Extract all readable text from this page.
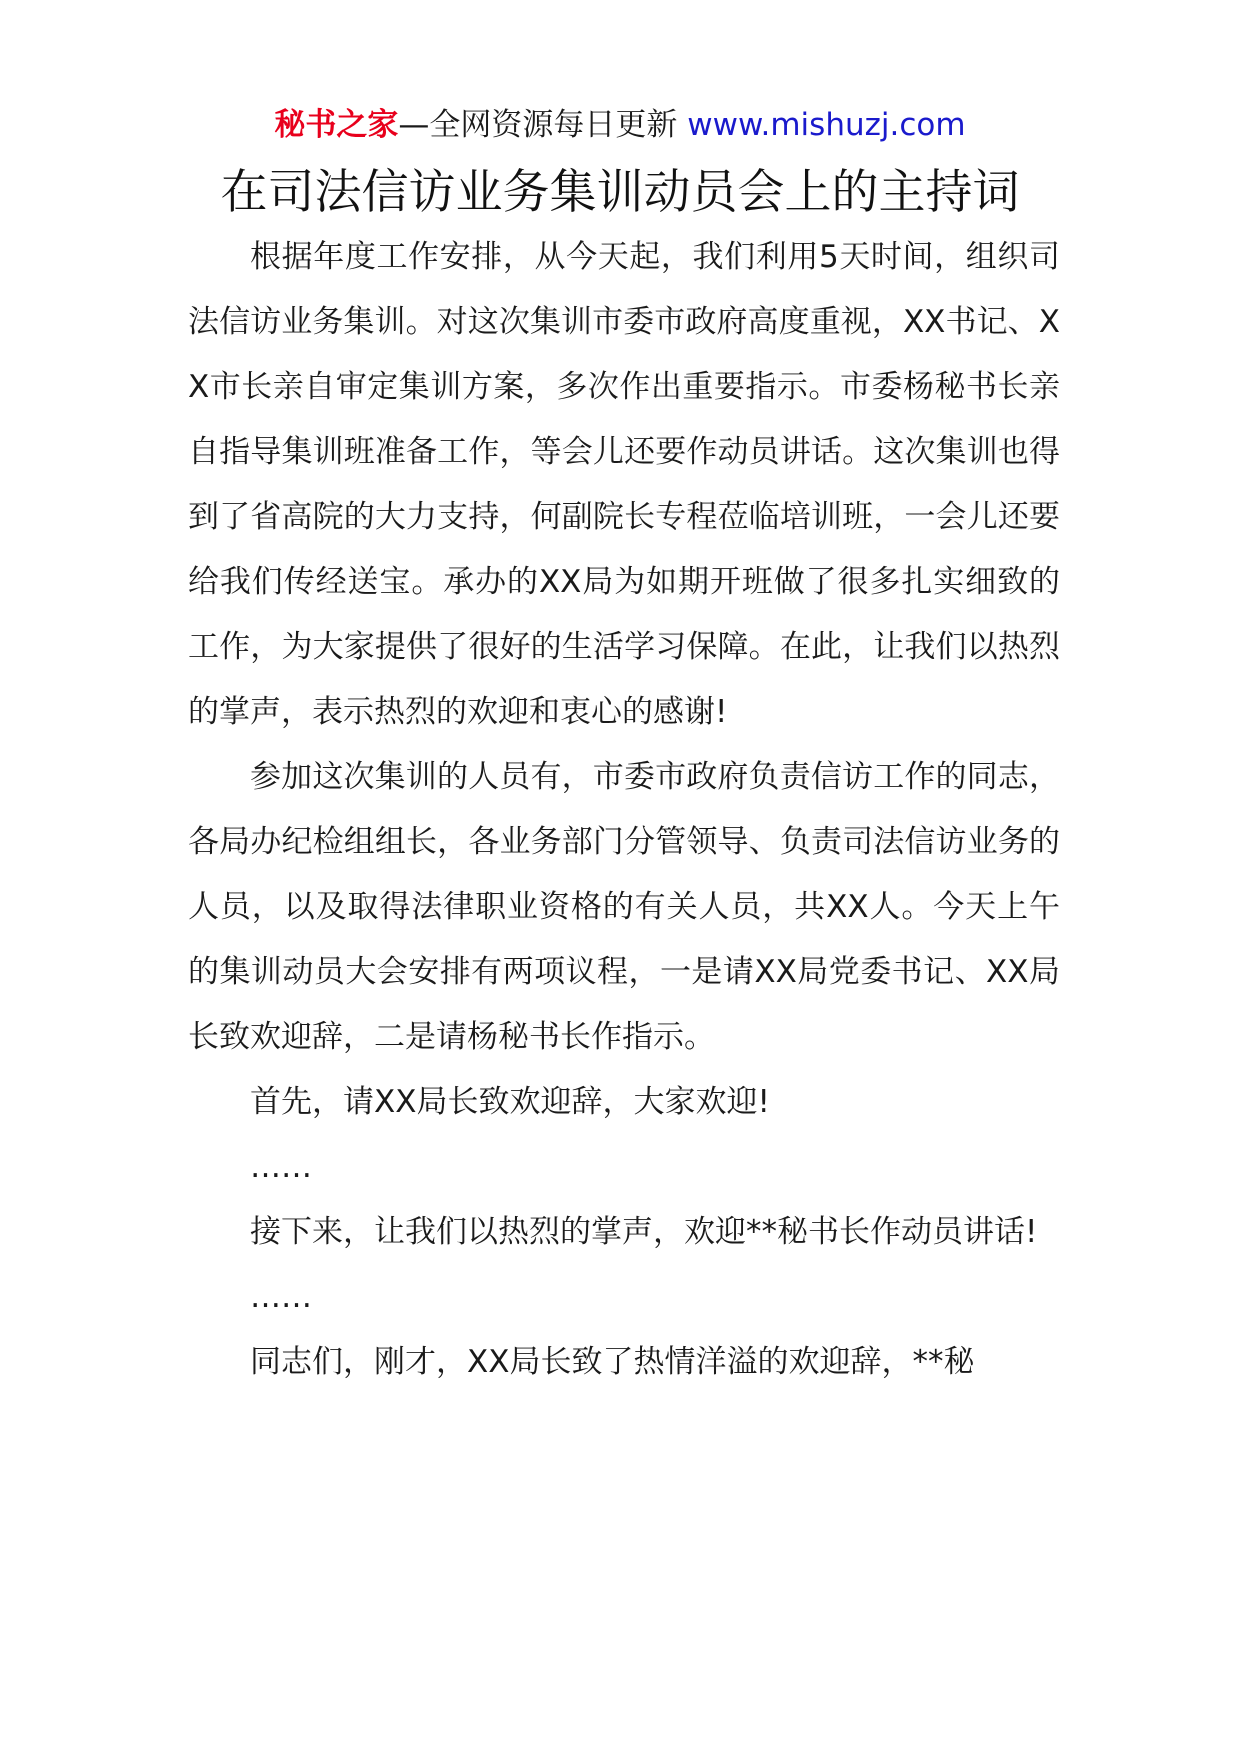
秘书之家—全网资源每日更新 www.mishuzj.com
在司法信访业务集训动员会上的主持词

根据年度工作安排，从今天起，我们利用5天时间，组织司法信访业务集训。对这次集训市委市政府高度重视，XX书记、XX市长亲自审定集训方案，多次作出重要指示。市委杨秘书长亲自指导集训班准备工作，等会儿还要作动员讲话。这次集训也得到了省高院的大力支持，何副院长专程莅临培训班，一会儿还要给我们传经送宝。承办的XX局为如期开班做了很多扎实细致的工作，为大家提供了很好的生活学习保障。在此，让我们以热烈的掌声，表示热烈的欢迎和衷心的感谢!

参加这次集训的人员有，市委市政府负责信访工作的同志，各局办纪检组组长，各业务部门分管领导、负责司法信访业务的人员，以及取得法律职业资格的有关人员，共XX人。今天上午的集训动员大会安排有两项议程，一是请XX局党委书记、XX局长致欢迎辞，二是请杨秘书长作指示。

首先，请XX局长致欢迎辞，大家欢迎!

……

接下来，让我们以热烈的掌声，欢迎**秘书长作动员讲话!

……

同志们，刚才，XX局长致了热情洋溢的欢迎辞，**秘
